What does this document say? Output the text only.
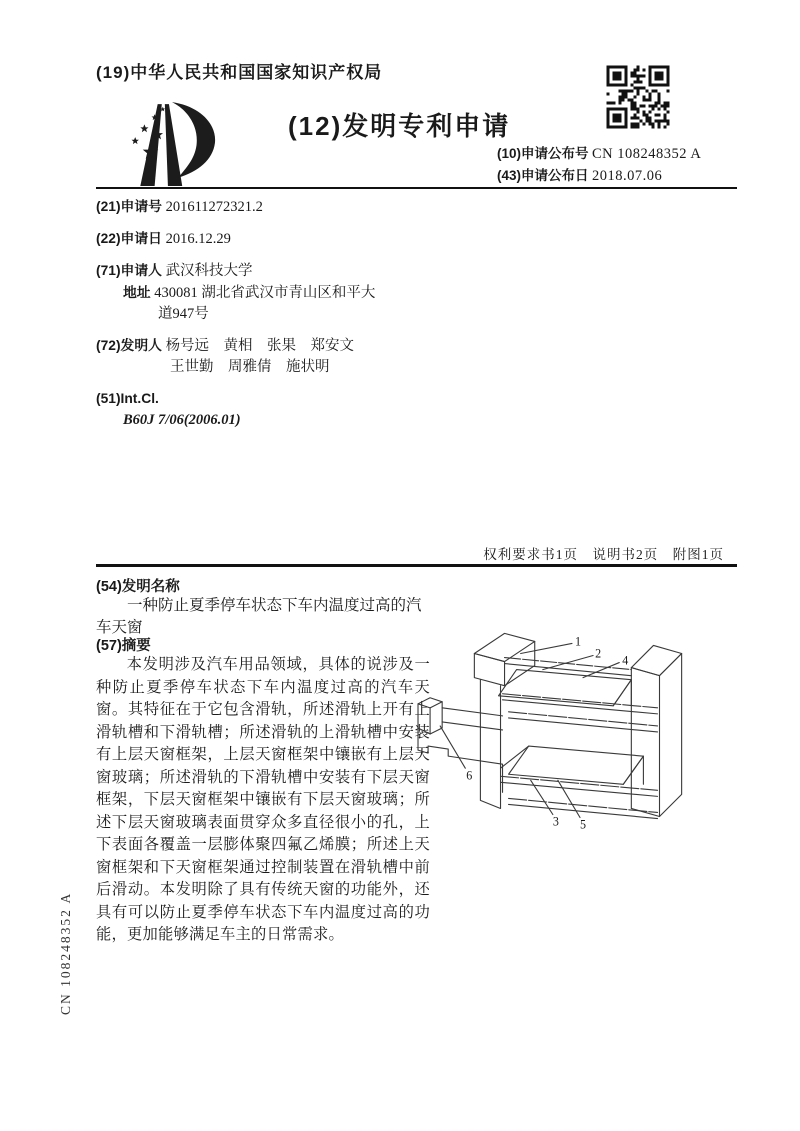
(19)中华人民共和国国家知识产权局
(12)发明专利申请
(10)申请公布号 CN 108248352 A
(43)申请公布日 2018.07.06
(21)申请号 201611272321.2
(22)申请日 2016.12.29
(71)申请人 武汉科技大学
地址 430081 湖北省武汉市青山区和平大
道947号
(72)发明人 杨号远　黄相　张果　郑安文
王世勤　周雅倩　施状明
(51)Int.Cl.
B60J 7/06(2006.01)
权利要求书1页　说明书2页　附图1页
(54)发明名称
一种防止夏季停车状态下车内温度过高的汽车天窗
(57)摘要
本发明涉及汽车用品领域，具体的说涉及一种防止夏季停车状态下车内温度过高的汽车天窗。其特征在于它包含滑轨，所述滑轨上开有上滑轨槽和下滑轨槽；所述滑轨的上滑轨槽中安装有上层天窗框架，上层天窗框架中镶嵌有上层天窗玻璃；所述滑轨的下滑轨槽中安装有下层天窗框架，下层天窗框架中镶嵌有下层天窗玻璃；所述下层天窗玻璃表面贯穿众多直径很小的孔，上下表面各覆盖一层膨体聚四氟乙烯膜；所述上天窗框架和下天窗框架通过控制装置在滑轨槽中前后滑动。本发明除了具有传统天窗的功能外，还具有可以防止夏季停车状态下车内温度过高的功能，更加能够满足车主的日常需求。
1
2
4
6
3 5
CN 108248352 A
